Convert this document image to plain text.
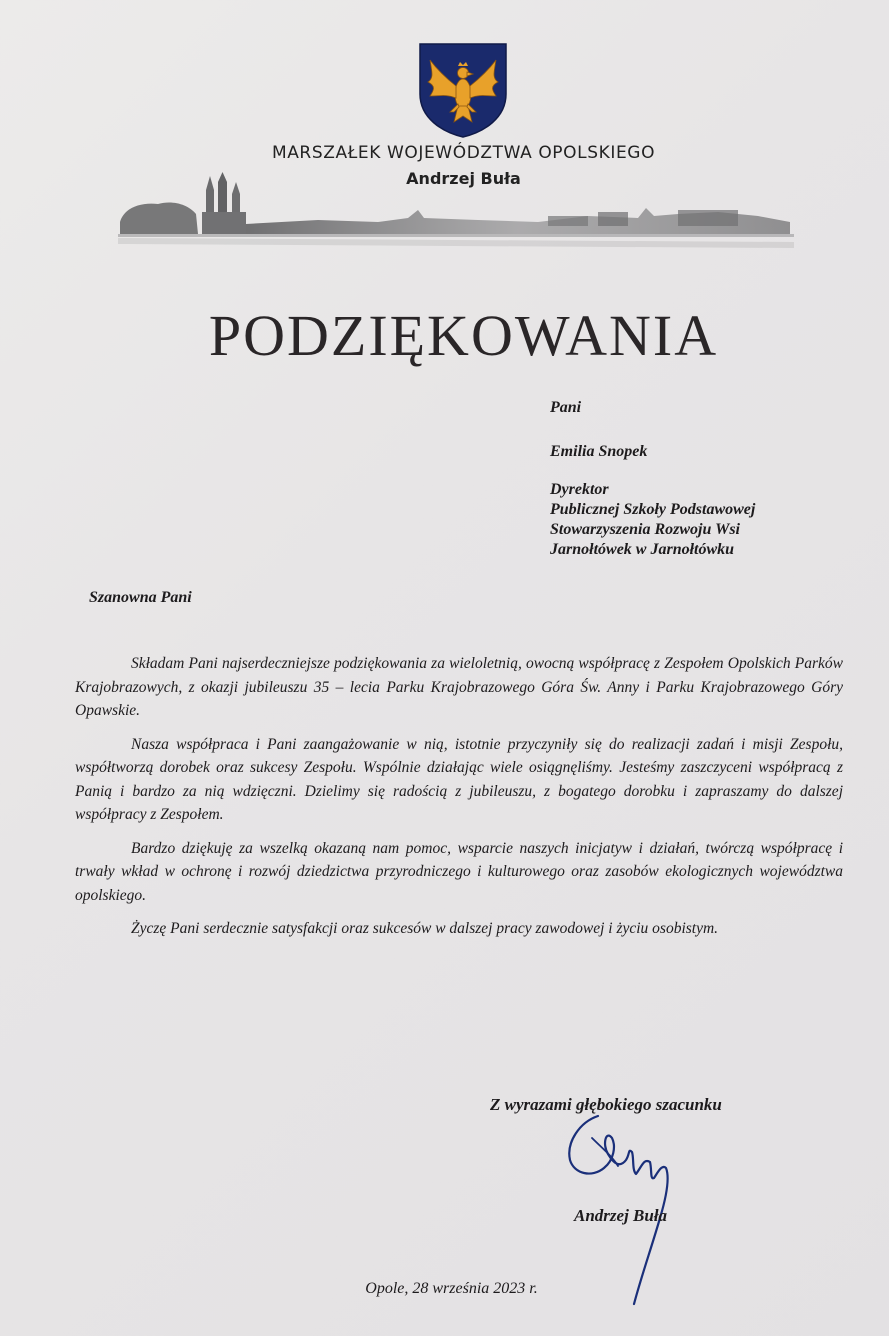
MARSZAŁEK WOJEWÓDZTWA OPOLSKIEGO
Andrzej Buła
PODZIĘKOWANIA
Pani
Emilia Snopek
Dyrektor
Publicznej Szkoły Podstawowej
Stowarzyszenia Rozwoju Wsi
Jarnołtówek w Jarnołtówku
Szanowna Pani

Składam Pani najserdeczniejsze podziękowania za wieloletnią, owocną współpracę z Zespołem Opolskich Parków Krajobrazowych, z okazji jubileuszu 35 – lecia Parku Krajobrazowego Góra Św. Anny i Parku Krajobrazowego Góry Opawskie.

Nasza współpraca i Pani zaangażowanie w nią, istotnie przyczyniły się do realizacji zadań i misji Zespołu, współtworzą dorobek oraz sukcesy Zespołu. Wspólnie działając wiele osiągnęliśmy. Jesteśmy zaszczyceni współpracą z Panią i bardzo za nią wdzięczni. Dzielimy się radością z jubileuszu, z bogatego dorobku i zapraszamy do dalszej współpracy z Zespołem.

Bardzo dziękuję za wszelką okazaną nam pomoc, wsparcie naszych inicjatyw i działań, twórczą współpracę i trwały wkład w ochronę i rozwój dziedzictwa przyrodniczego i kulturowego oraz zasobów ekologicznych województwa opolskiego.

Życzę Pani serdecznie satysfakcji oraz sukcesów w dalszej pracy zawodowej i życiu osobistym.

Z wyrazami głębokiego szacunku
Andrzej Buła
Opole, 28 września 2023 r.
